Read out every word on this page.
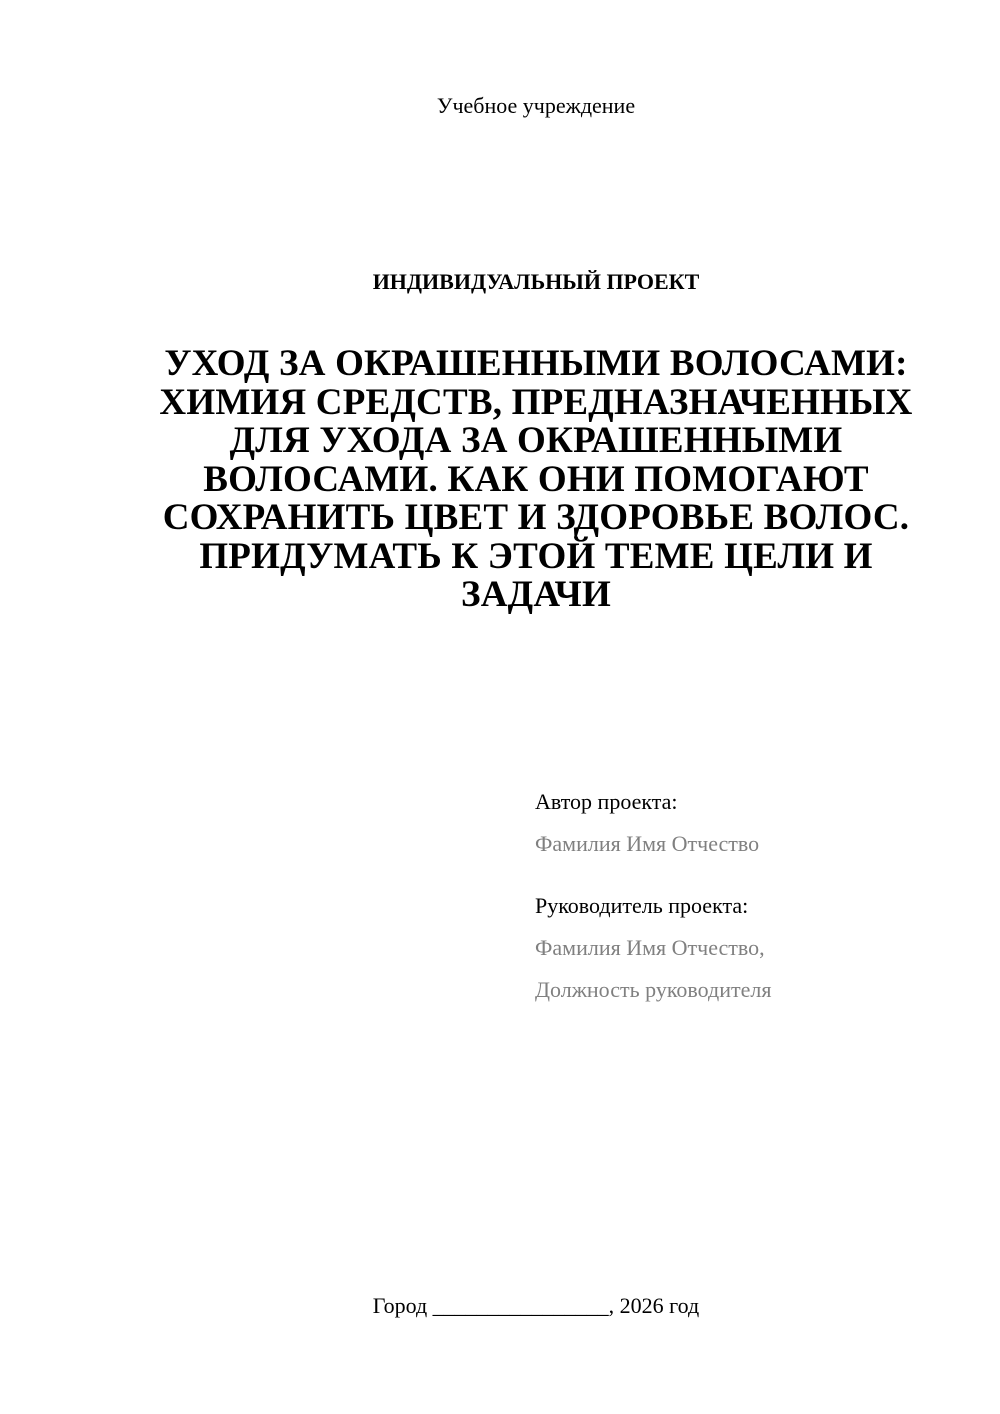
Учебное учреждение
ИНДИВИДУАЛЬНЫЙ ПРОЕКТ
УХОД ЗА ОКРАШЕННЫМИ ВОЛОСАМИ: ХИМИЯ СРЕДСТВ, ПРЕДНАЗНАЧЕННЫХ ДЛЯ УХОДА ЗА ОКРАШЕННЫМИ ВОЛОСАМИ. КАК ОНИ ПОМОГАЮТ СОХРАНИТЬ ЦВЕТ И ЗДОРОВЬЕ ВОЛОС. ПРИДУМАТЬ К ЭТОЙ ТЕМЕ ЦЕЛИ И ЗАДАЧИ

Автор проекта:

Фамилия Имя Отчество

Руководитель проекта:

Фамилия Имя Отчество,

Должность руководителя

Город ________________, 2026 год
